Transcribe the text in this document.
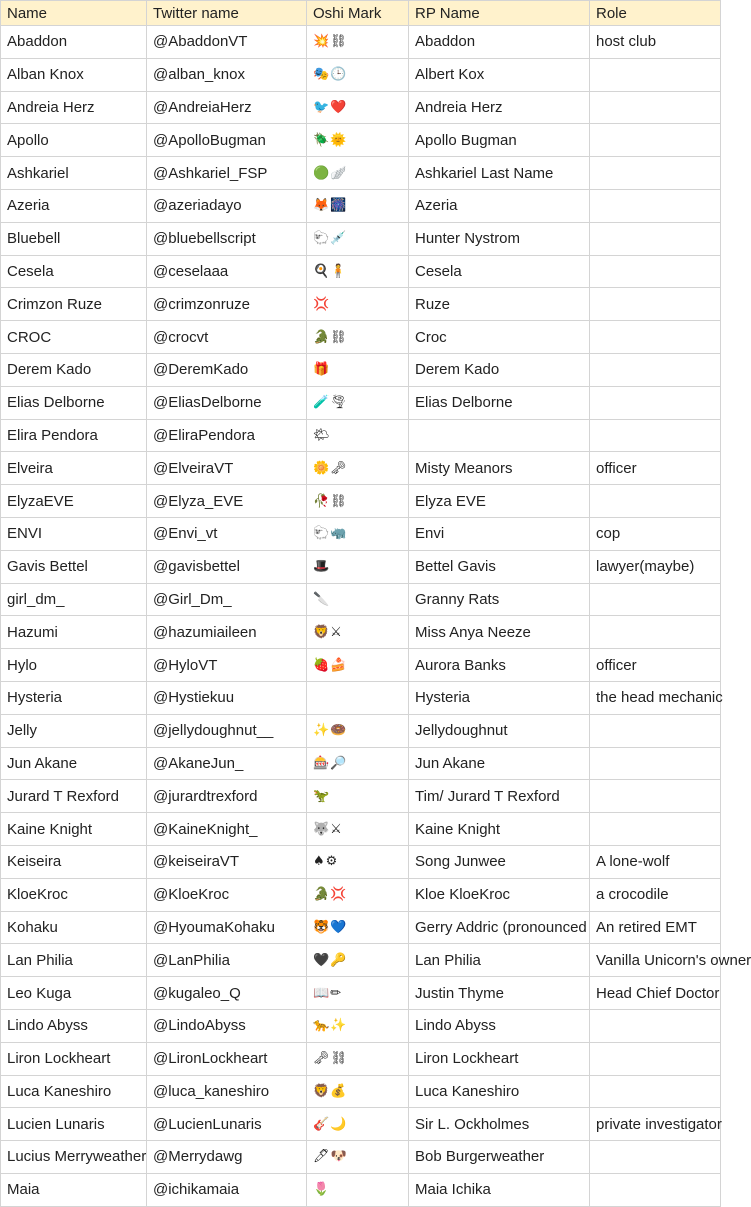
Name	Twitter name	Oshi Mark	RP Name	Role
Abaddon	@AbaddonVT	💥⛓	Abaddon	host club
Alban Knox	@alban_knox	🎭🕒	Albert Kox	
Andreia Herz	@AndreiaHerz	🐦❤️	Andreia Herz	
Apollo	@ApolloBugman	🪲🌞	Apollo Bugman	
Ashkariel	@Ashkariel_FSP	🟢🪽	Ashkariel Last Name	
Azeria	@azeriadayo	🦊🎆	Azeria	
Bluebell	@bluebellscript	🐑💉	Hunter Nystrom	
Cesela	@ceselaaa	🍳🧍	Cesela	
Crimzon Ruze	@crimzonruze	💢	Ruze	
CROC	@crocvt	🐊⛓	Croc	
Derem Kado	@DeremKado	🎁	Derem Kado	
Elias Delborne	@EliasDelborne	🧪🌪	Elias Delborne	
Elira Pendora	@EliraPendora	🌤		
Elveira	@ElveiraVT	🌼🗝	Misty Meanors	officer
ElyzaEVE	@Elyza_EVE	🥀⛓	Elyza EVE	
ENVI	@Envi_vt	🐑🦏	Envi	cop
Gavis Bettel	@gavisbettel	🎩	Bettel Gavis	lawyer(maybe)
girl_dm_	@Girl_Dm_	🔪	Granny Rats	
Hazumi	@hazumiaileen	🦁⚔	Miss Anya Neeze	
Hylo	@HyloVT	🍓🍰	Aurora Banks	officer
Hysteria	@Hystiekuu		Hysteria	the head mechanic
Jelly	@jellydoughnut__	✨🍩	Jellydoughnut	
Jun Akane	@AkaneJun_	🎰🔎	Jun Akane	
Jurard T Rexford	@jurardtrexford	🦖	Tim/ Jurard T Rexford	
Kaine Knight	@KaineKnight_	🐺⚔	Kaine Knight	
Keiseira	@keiseiraVT	♠⚙	Song Junwee	A lone-wolf
KloeKroc	@KloeKroc	🐊💢	Kloe KloeKroc	a crocodile
Kohaku	@HyoumaKohaku	🐯💙	Gerry Addric (pronounced	An retired EMT
Lan Philia	@LanPhilia	🖤🔑	Lan Philia	Vanilla Unicorn's owner
Leo Kuga	@kugaleo_Q	📖✏	Justin Thyme	Head Chief Doctor
Lindo Abyss	@LindoAbyss	🐆✨	Lindo Abyss	
Liron Lockheart	@LironLockheart	🗝⛓	Liron Lockheart	
Luca Kaneshiro	@luca_kaneshiro	🦁💰	Luca Kaneshiro	
Lucien Lunaris	@LucienLunaris	🎸🌙	Sir L. Ockholmes	private investigator
Lucius Merryweather	@Merrydawg	🖊🐶	Bob Burgerweather	
Maia	@ichikamaia	🌷	Maia Ichika	
